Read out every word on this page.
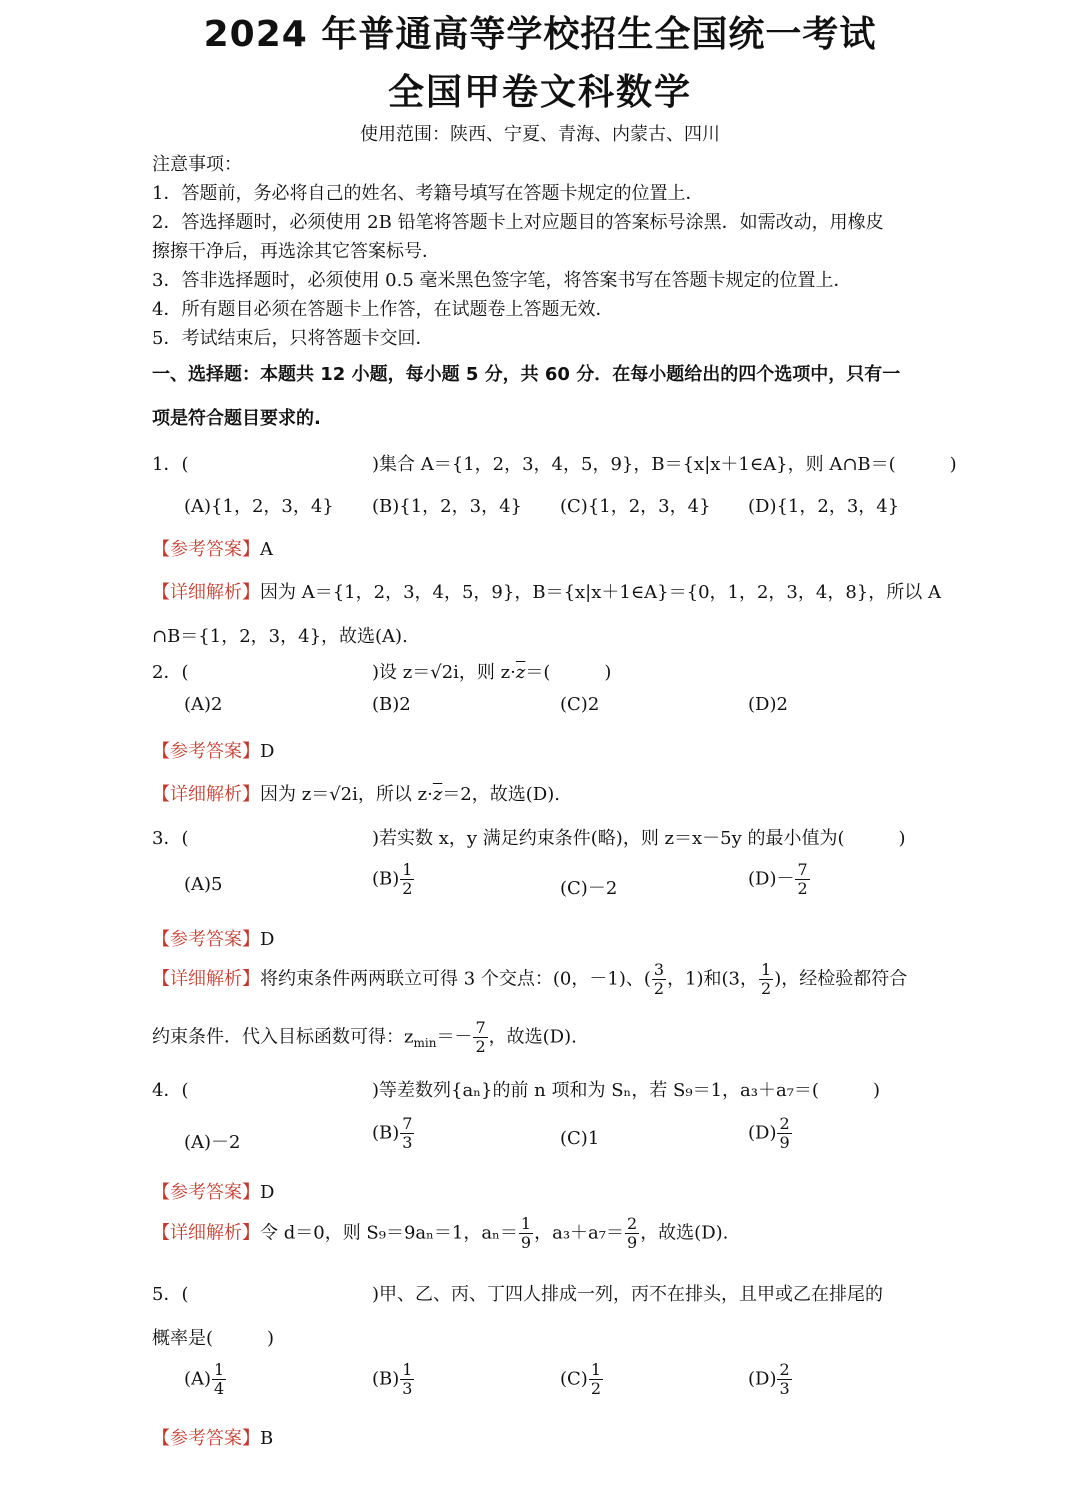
2024 年普通高等学校招生全国统一考试
全国甲卷文科数学
使用范围：陕西、宁夏、青海、内蒙古、四川
注意事项：
1．答题前，务必将自己的姓名、考籍号填写在答题卡规定的位置上．
2．答选择题时，必须使用 2B 铅笔将答题卡上对应题目的答案标号涂黑．如需改动，用橡皮
擦擦干净后，再选涂其它答案标号．
3．答非选择题时，必须使用 0.5 毫米黑色签字笔，将答案书写在答题卡规定的位置上．
4．所有题目必须在答题卡上作答，在试题卷上答题无效．
5．考试结束后，只将答题卡交回．
一、选择题：本题共 12 小题，每小题 5 分，共 60 分．在每小题给出的四个选项中，只有一
项是符合题目要求的.
1．(	)集合 A＝{1，2，3，4，5，9}，B＝{x|x＋1∈A}，则 A∩B＝(　　　)
(A){1，2，3，4} (B){1，2，3，4} (C){1，2，3，4} (D){1，2，3，4}
【参考答案】A
【详细解析】因为 A＝{1，2，3，4，5，9}，B＝{x|x＋1∈A}＝{0，1，2，3，4，8}，所以 A
∩B＝{1，2，3，4}，故选(A).
2．(	)设 z＝√2i，则 $z\cdot\overline{z}=$(　　　)
(A)2	(B)2	(C)2	(D)2
【参考答案】D
【详细解析】因为 z＝√2i，所以 $z\cdot\overline{z}=2$，故选(D).
3．(	)若实数 x，y 满足约束条件(略)，则 z＝x－5y 的最小值为(　　　)
(A)5	$(B) \frac{1}{2}$	(C)－2	$(D)- \frac{7}{2}$
【参考答案】D
【详细解析】将约束条件两两联立可得 3 个交点：(0，－1)、( $\frac{3}{2}$ ，1)和(3， $\frac{1}{2}$ )，经检验都符合
约束条件．代入目标函数可得：$z_{min}=- \frac{7}{2}$ ，故选(D).
4．(	)等差数列{aₙ}的前 n 项和为 Sₙ，若 S₉＝1，a₃＋a₇＝(　　　)
(A)－2	$(B) \frac{7}{3}$	(C)1	$(D) \frac{2}{9}$
【参考答案】D
【详细解析】令 d＝0，则 S₉＝9aₙ＝1，$a_n= \frac{1}{9}$ ，$a_3+a_7= \frac{2}{9}$ ，故选(D).
5．(	)甲、乙、丙、丁四人排成一列，丙不在排头，且甲或乙在排尾的
概率是(　　　)
$(A) \frac{1}{4}$	$(B) \frac{1}{3}$	$(C) \frac{1}{2}$	$(D) \frac{2}{3}$
【参考答案】B
